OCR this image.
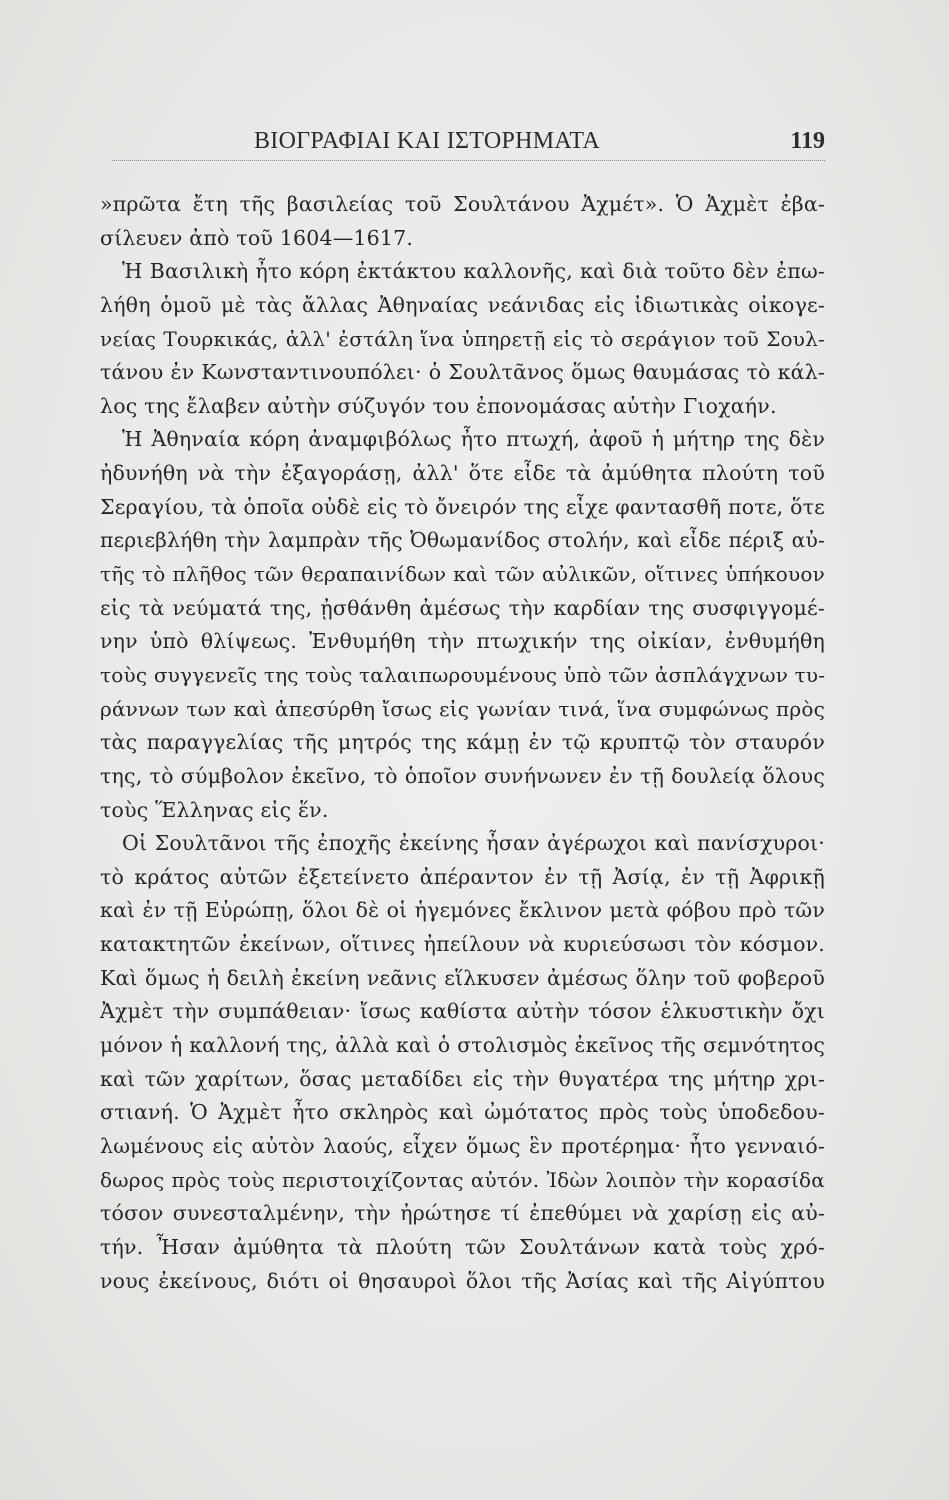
ΒΙΟΓΡΑΦΙΑΙ ΚΑΙ ΙΣΤΟΡΗΜΑΤΑ	119
»πρῶτα ἔτη τῆς βασιλείας τοῦ Σουλτάνου Ἀχμέτ». Ὁ Ἀχμὲτ ἐβα-
σίλευεν ἀπὸ τοῦ 1604—1617.
Ἡ Βασιλικὴ ἦτο κόρη ἐκτάκτου καλλονῆς, καὶ διὰ τοῦτο δὲν ἐπω-
λήθη ὁμοῦ μὲ τὰς ἄλλας Ἀθηναίας νεάνιδας εἰς ἰδιωτικὰς οἰκογε-
νείας Τουρκικάς, ἀλλ' ἐστάλη ἵνα ὑπηρετῇ εἰς τὸ σεράγιον τοῦ Σουλ-
τάνου ἐν Κωνσταντινουπόλει· ὁ Σουλτᾶνος ὅμως θαυμάσας τὸ κάλ-
λος της ἔλαβεν αὐτὴν σύζυγόν του ἐπονομάσας αὐτὴν Γιοχαήν.
Ἡ Ἀθηναία κόρη ἀναμφιβόλως ἦτο πτωχή, ἀφοῦ ἡ μήτηρ της δὲν
ἠδυνήθη νὰ τὴν ἐξαγοράσῃ, ἀλλ' ὅτε εἶδε τὰ ἀμύθητα πλούτη τοῦ
Σεραγίου, τὰ ὁποῖα οὐδὲ εἰς τὸ ὄνειρόν της εἶχε φαντασθῆ ποτε, ὅτε
περιεβλήθη τὴν λαμπρὰν τῆς Ὀθωμανίδος στολήν, καὶ εἶδε πέριξ αὐ-
τῆς τὸ πλῆθος τῶν θεραπαινίδων καὶ τῶν αὐλικῶν, οἵτινες ὑπήκουον
εἰς τὰ νεύματά της, ᾐσθάνθη ἀμέσως τὴν καρδίαν της συσφιγγομέ-
νην ὑπὸ θλίψεως. Ἐνθυμήθη τὴν πτωχικήν της οἰκίαν, ἐνθυμήθη
τοὺς συγγενεῖς της τοὺς ταλαιπωρουμένους ὑπὸ τῶν ἀσπλάγχνων τυ-
ράννων των καὶ ἀπεσύρθη ἴσως εἰς γωνίαν τινά, ἵνα συμφώνως πρὸς
τὰς παραγγελίας τῆς μητρός της κάμῃ ἐν τῷ κρυπτῷ τὸν σταυρόν
της, τὸ σύμβολον ἐκεῖνο, τὸ ὁποῖον συνήνωνεν ἐν τῇ δουλείᾳ ὅλους
τοὺς Ἕλληνας εἰς ἕν.
Οἱ Σουλτᾶνοι τῆς ἐποχῆς ἐκείνης ἦσαν ἀγέρωχοι καὶ πανίσχυροι·
τὸ κράτος αὐτῶν ἐξετείνετο ἀπέραντον ἐν τῇ Ἀσίᾳ, ἐν τῇ Ἀφρικῇ
καὶ ἐν τῇ Εὐρώπῃ, ὅλοι δὲ οἱ ἡγεμόνες ἔκλινον μετὰ φόβου πρὸ τῶν
κατακτητῶν ἐκείνων, οἵτινες ἠπείλουν νὰ κυριεύσωσι τὸν κόσμον.
Καὶ ὅμως ἡ δειλὴ ἐκείνη νεᾶνις εἵλκυσεν ἀμέσως ὅλην τοῦ φοβεροῦ
Ἀχμὲτ τὴν συμπάθειαν· ἴσως καθίστα αὐτὴν τόσον ἑλκυστικὴν ὄχι
μόνον ἡ καλλονή της, ἀλλὰ καὶ ὁ στολισμὸς ἐκεῖνος τῆς σεμνότητος
καὶ τῶν χαρίτων, ὅσας μεταδίδει εἰς τὴν θυγατέρα της μήτηρ χρι-
στιανή. Ὁ Ἀχμὲτ ἦτο σκληρὸς καὶ ὠμότατος πρὸς τοὺς ὑποδεδου-
λωμένους εἰς αὐτὸν λαούς, εἶχεν ὅμως ἓν προτέρημα· ἦτο γενναιό-
δωρος πρὸς τοὺς περιστοιχίζοντας αὐτόν. Ἰδὼν λοιπὸν τὴν κορασίδα
τόσον συνεσταλμένην, τὴν ἠρώτησε τί ἐπεθύμει νὰ χαρίσῃ εἰς αὐ-
τήν. Ἦσαν ἀμύθητα τὰ πλούτη τῶν Σουλτάνων κατὰ τοὺς χρό-
νους ἐκείνους, διότι οἱ θησαυροὶ ὅλοι τῆς Ἀσίας καὶ τῆς Αἰγύπτου
